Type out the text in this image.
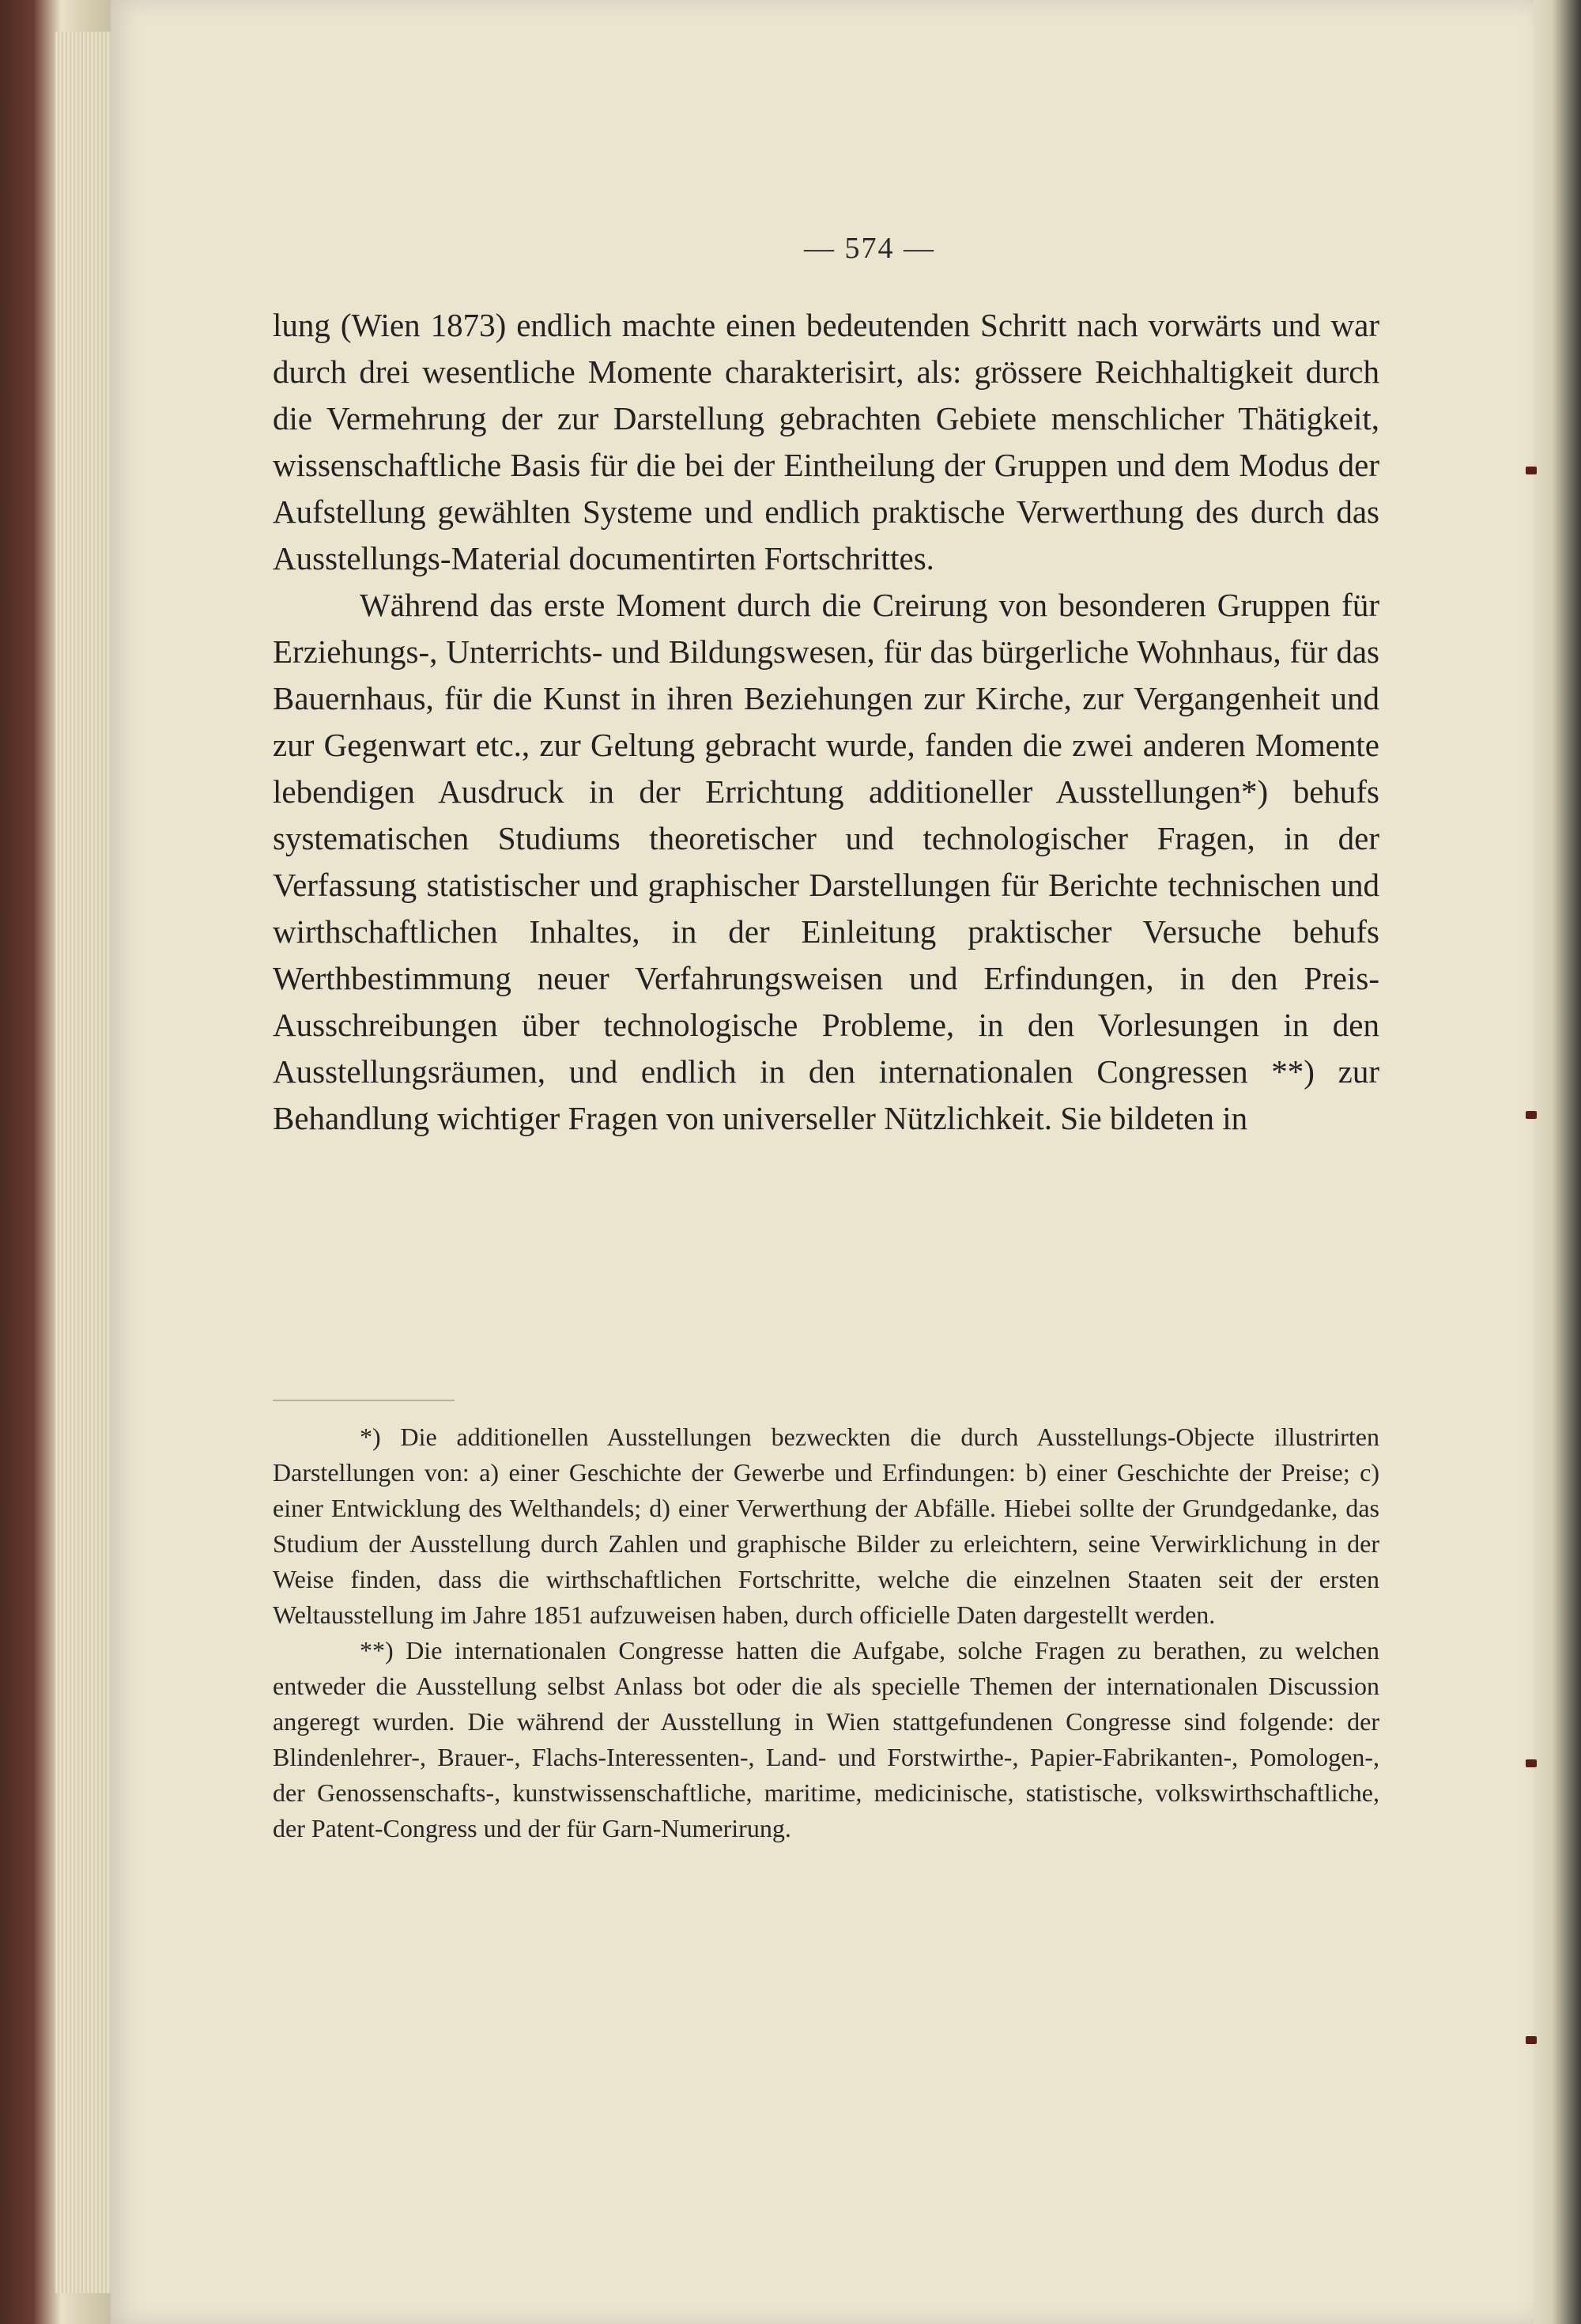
— 574 —

lung (Wien 1873) endlich machte einen bedeutenden Schritt nach vorwärts und war durch drei wesentliche Momente charakterisirt, als: grössere Reichhaltigkeit durch die Vermehrung der zur Darstellung gebrachten Gebiete menschlicher Thätigkeit, wissenschaftliche Basis für die bei der Eintheilung der Gruppen und dem Modus der Aufstellung gewählten Systeme und endlich praktische Verwerthung des durch das Ausstellungs-Material documentirten Fortschrittes.

Während das erste Moment durch die Creirung von besonderen Gruppen für Erziehungs-, Unterrichts- und Bildungswesen, für das bürgerliche Wohnhaus, für das Bauernhaus, für die Kunst in ihren Beziehungen zur Kirche, zur Vergangenheit und zur Gegenwart etc., zur Geltung gebracht wurde, fanden die zwei anderen Momente lebendigen Ausdruck in der Errichtung additioneller Ausstellungen*) behufs systematischen Studiums theoretischer und technologischer Fragen, in der Verfassung statistischer und graphischer Darstellungen für Berichte technischen und wirthschaftlichen Inhaltes, in der Einleitung praktischer Versuche behufs Werthbestimmung neuer Verfahrungsweisen und Erfindungen, in den Preis-Ausschreibungen über technologische Probleme, in den Vorlesungen in den Ausstellungsräumen, und endlich in den internationalen Congressen **) zur Behandlung wichtiger Fragen von universeller Nützlichkeit. Sie bildeten in

*) Die additionellen Ausstellungen bezweckten die durch Ausstellungs-Objecte illustrirten Darstellungen von: a) einer Geschichte der Gewerbe und Erfindungen: b) einer Geschichte der Preise; c) einer Entwicklung des Welthandels; d) einer Verwerthung der Abfälle. Hiebei sollte der Grundgedanke, das Studium der Ausstellung durch Zahlen und graphische Bilder zu erleichtern, seine Verwirklichung in der Weise finden, dass die wirthschaftlichen Fortschritte, welche die einzelnen Staaten seit der ersten Weltausstellung im Jahre 1851 aufzuweisen haben, durch officielle Daten dargestellt werden.

**) Die internationalen Congresse hatten die Aufgabe, solche Fragen zu berathen, zu welchen entweder die Ausstellung selbst Anlass bot oder die als specielle Themen der internationalen Discussion angeregt wurden. Die während der Ausstellung in Wien stattgefundenen Congresse sind folgende: der Blindenlehrer-, Brauer-, Flachs-Interessenten-, Land- und Forstwirthe-, Papier-Fabrikanten-, Pomologen-, der Genossenschafts-, kunstwissenschaftliche, maritime, medicinische, statistische, volkswirthschaftliche, der Patent-Congress und der für Garn-Numerirung.
